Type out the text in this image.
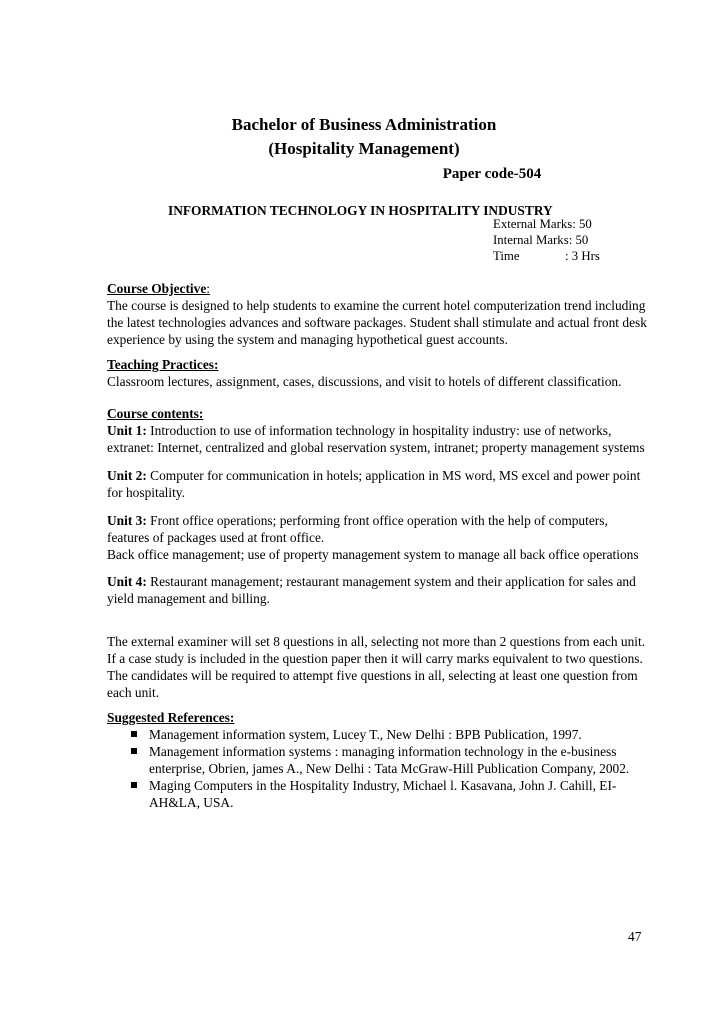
Bachelor of Business Administration
(Hospitality Management)
Paper code-504
INFORMATION TECHNOLOGY IN HOSPITALITY INDUSTRY
External Marks: 50
Internal Marks: 50
Time	: 3 Hrs

Course Objective:

The course is designed to help students to examine the current hotel computerization trend including the latest technologies advances and software packages. Student shall stimulate and actual front desk experience by using the system and managing hypothetical guest accounts.

Teaching Practices:

Classroom lectures, assignment, cases, discussions, and visit to hotels of different classification.

Course contents:

Unit 1: Introduction to use of information technology in hospitality industry: use of networks, extranet: Internet, centralized and global reservation system, intranet; property management systems

Unit 2: Computer for communication in hotels; application in MS word, MS excel and power point for hospitality.

Unit 3: Front office operations; performing front office operation with the help of computers, features of packages used at front office.

Back office management; use of property management system to manage all back office operations

Unit 4: Restaurant management; restaurant management system and their application for sales and yield management and billing.

The external examiner will set 8 questions in all, selecting not more than 2 questions from each unit. If a case study is included in the question paper then it will carry marks equivalent to two questions. The candidates will be required to attempt five questions in all, selecting at least one question from each unit.

Suggested References:

Management information system, Lucey T., New Delhi : BPB Publication, 1997.
Management information systems : managing information technology in the e-business enterprise, Obrien, james A., New Delhi : Tata McGraw-Hill Publication Company, 2002.
Maging Computers in the Hospitality Industry, Michael l. Kasavana, John J. Cahill, EI-AH&LA, USA.
47
